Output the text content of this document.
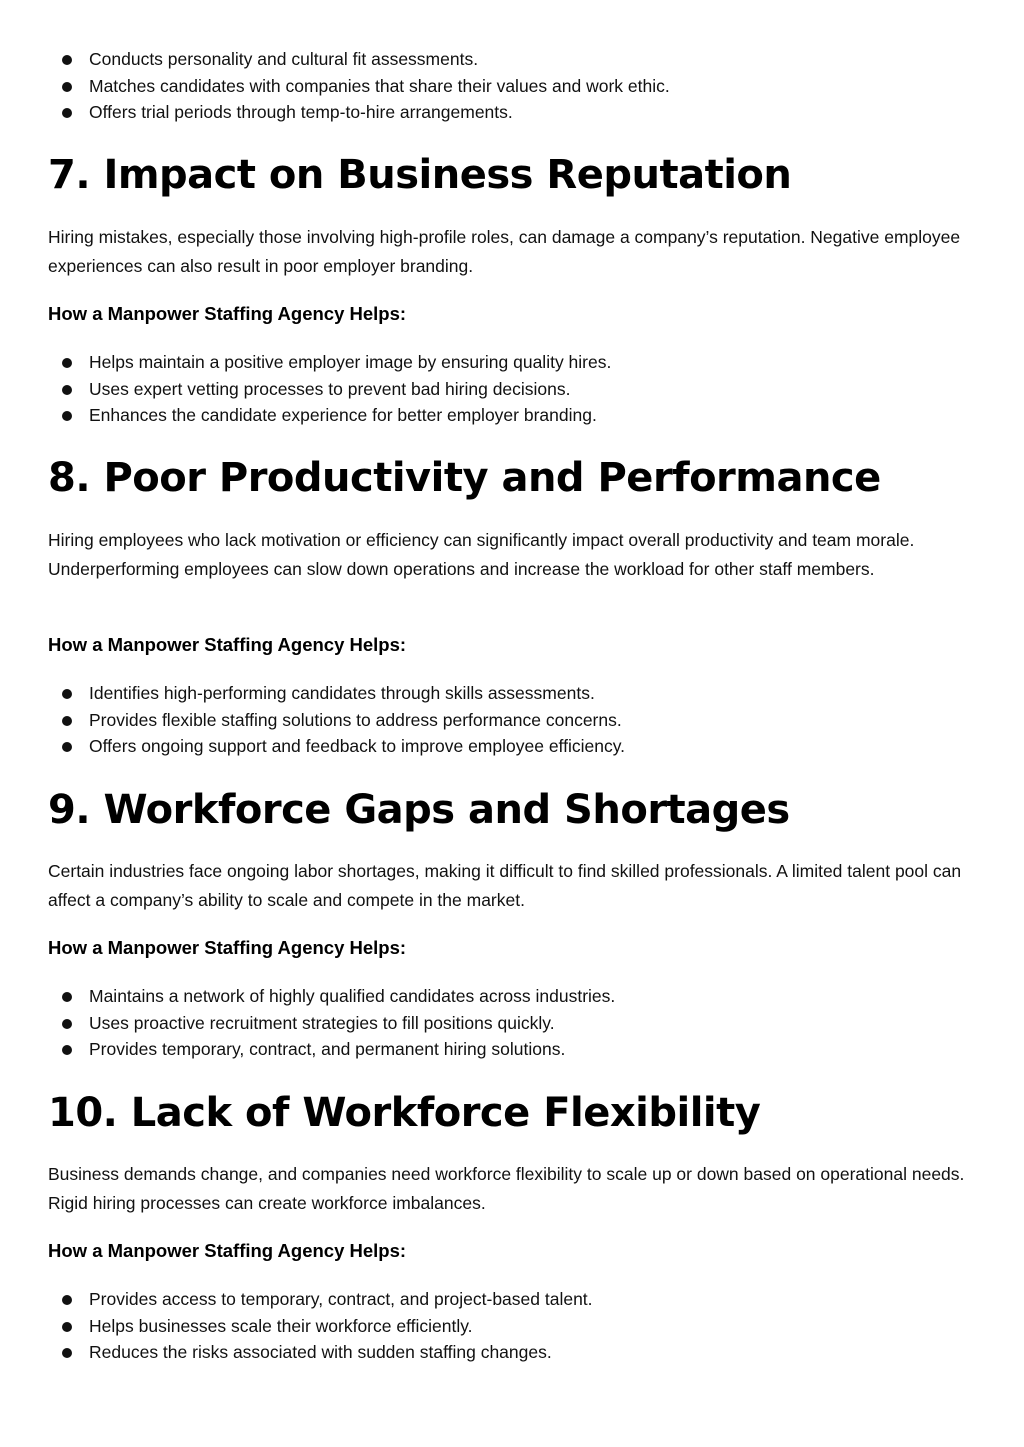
Conducts personality and cultural fit assessments.
Matches candidates with companies that share their values and work ethic.
Offers trial periods through temp-to-hire arrangements.
7. Impact on Business Reputation

Hiring mistakes, especially those involving high-profile roles, can damage a company’s reputation. Negative employee experiences can also result in poor employer branding.

How a Manpower Staffing Agency Helps:

Helps maintain a positive employer image by ensuring quality hires.
Uses expert vetting processes to prevent bad hiring decisions.
Enhances the candidate experience for better employer branding.
8. Poor Productivity and Performance

Hiring employees who lack motivation or efficiency can significantly impact overall productivity and team morale. Underperforming employees can slow down operations and increase the workload for other staff members.

How a Manpower Staffing Agency Helps:

Identifies high-performing candidates through skills assessments.
Provides flexible staffing solutions to address performance concerns.
Offers ongoing support and feedback to improve employee efficiency.
9. Workforce Gaps and Shortages

Certain industries face ongoing labor shortages, making it difficult to find skilled professionals. A limited talent pool can affect a company’s ability to scale and compete in the market.

How a Manpower Staffing Agency Helps:

Maintains a network of highly qualified candidates across industries.
Uses proactive recruitment strategies to fill positions quickly.
Provides temporary, contract, and permanent hiring solutions.
10. Lack of Workforce Flexibility

Business demands change, and companies need workforce flexibility to scale up or down based on operational needs. Rigid hiring processes can create workforce imbalances.

How a Manpower Staffing Agency Helps:

Provides access to temporary, contract, and project-based talent.
Helps businesses scale their workforce efficiently.
Reduces the risks associated with sudden staffing changes.
